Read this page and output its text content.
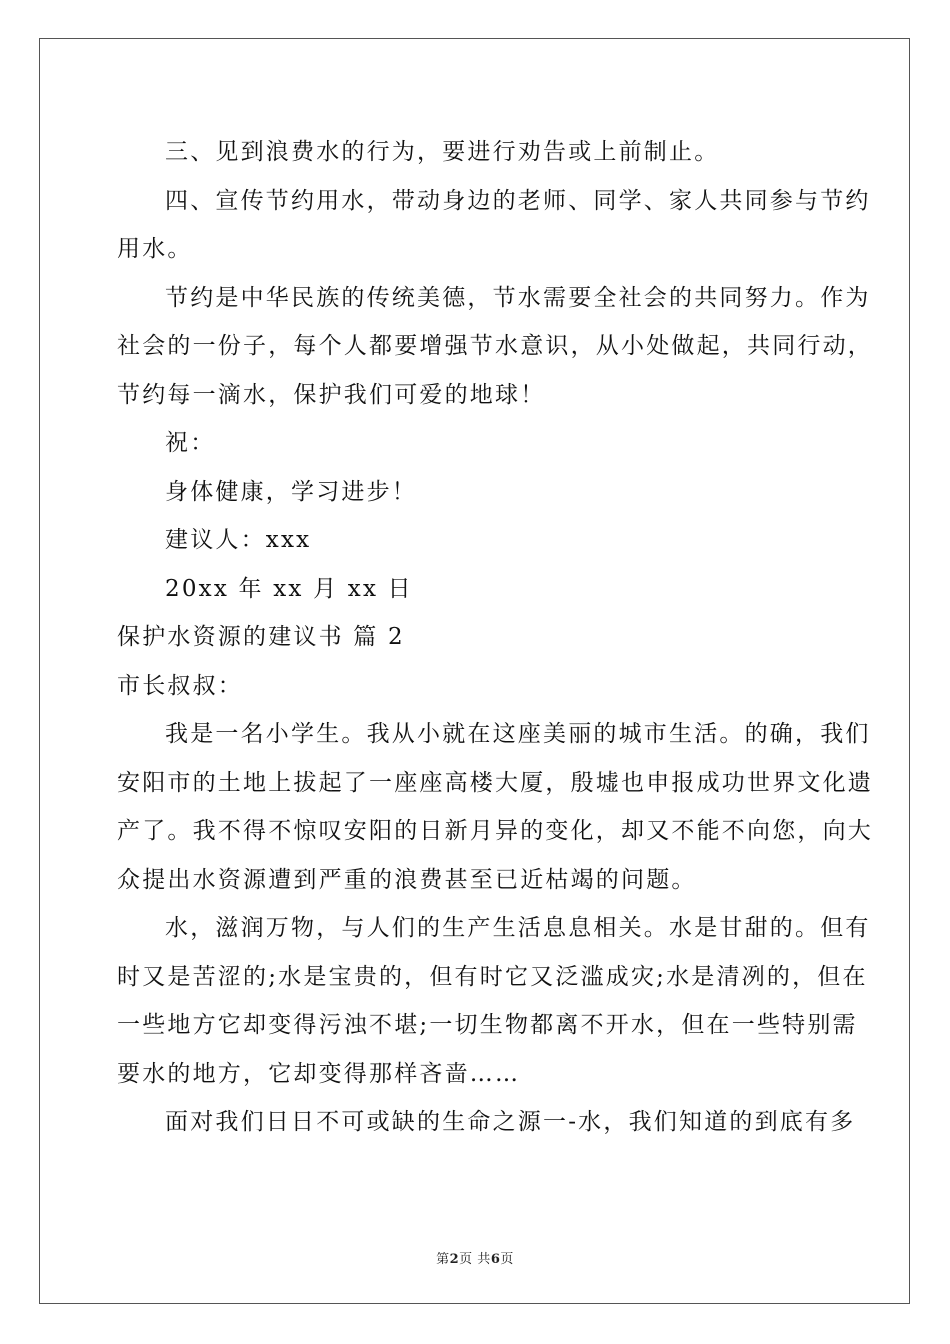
三、见到浪费水的行为，要进行劝告或上前制止。
四、宣传节约用水，带动身边的老师、同学、家人共同参与节约
用水。
节约是中华民族的传统美德，节水需要全社会的共同努力。作为
社会的一份子，每个人都要增强节水意识，从小处做起，共同行动，
节约每一滴水，保护我们可爱的地球！
祝：
身体健康，学习进步！
建议人：xxx
20xx 年 xx 月 xx 日
保护水资源的建议书 篇 2
市长叔叔：
我是一名小学生。我从小就在这座美丽的城市生活。的确，我们
安阳市的土地上拔起了一座座高楼大厦，殷墟也申报成功世界文化遗
产了。我不得不惊叹安阳的日新月异的变化，却又不能不向您，向大
众提出水资源遭到严重的浪费甚至已近枯竭的问题。
水，滋润万物，与人们的生产生活息息相关。水是甘甜的。但有
时又是苦涩的;水是宝贵的，但有时它又泛滥成灾;水是清冽的，但在
一些地方它却变得污浊不堪;一切生物都离不开水，但在一些特别需
要水的地方，它却变得那样吝啬……
面对我们日日不可或缺的生命之源一-水，我们知道的到底有多
第2页 共6页
